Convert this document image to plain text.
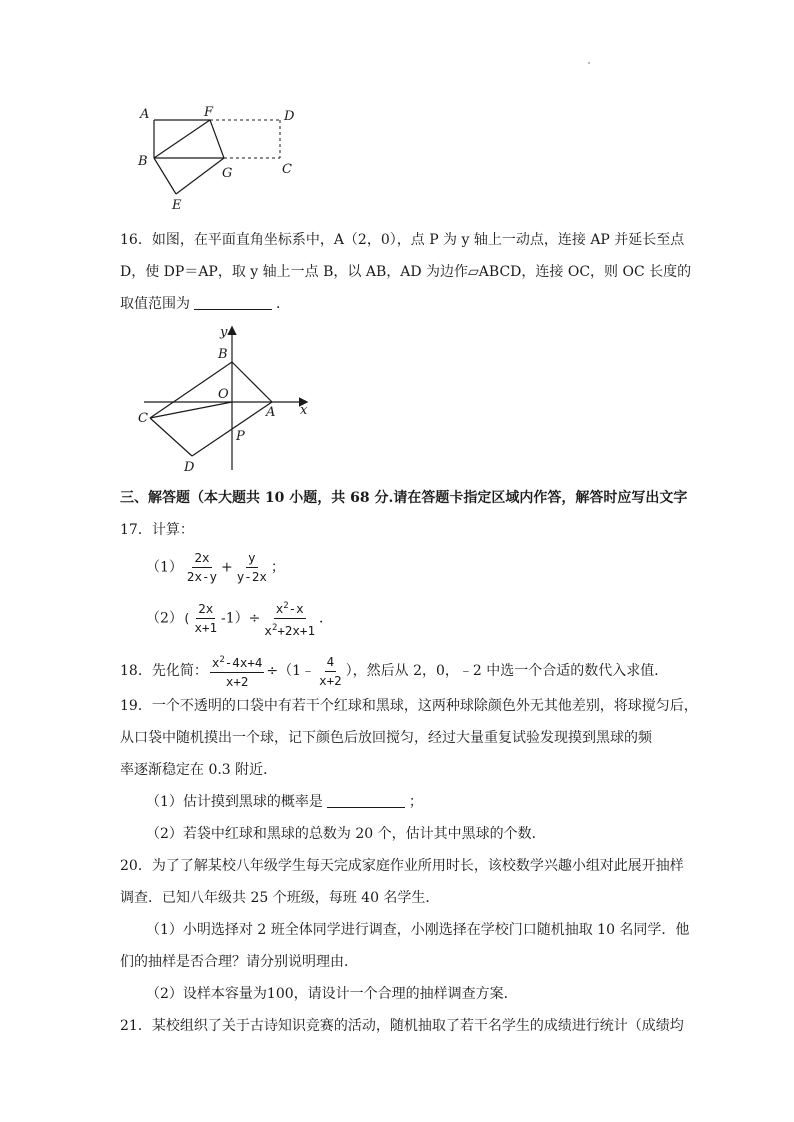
A	F	D
B
G	C
E
16．如图，在平面直角坐标系中，A（2，0），点 P 为 y 轴上一动点，连接 AP 并延长至点
D，使 DP＝AP，取 y 轴上一点 B，以 AB，AD 为边作▱ABCD，连接 OC，则 OC 长度的
取值范围为	．
y
x
B
O
C	A
P
D
三、解答题（本大题共 10 小题，共 68 分.请在答题卡指定区域内作答，解答时应写出文字
17．计算：
$(1) \frac{2x}{2x-y} + \frac{y}{y-2x}$ ；
$(2)( \frac{2x}{x+1} -1)\div \frac{x^2-x}{x^2+2x+1}$ ．
18．先化简： $\frac{x^2-4x+4}{x+2}$ ÷（1﹣ $\frac{4}{x+2}$ ），然后从 2，0，﹣2 中选一个合适的数代入求值．
19．一个不透明的口袋中有若干个红球和黑球，这两种球除颜色外无其他差别，将球搅匀后，
从口袋中随机摸出一个球，记下颜色后放回搅匀，经过大量重复试验发现摸到黑球的频
率逐渐稳定在 0.3 附近．
（1）估计摸到黑球的概率是	；
（2）若袋中红球和黑球的总数为 20 个，估计其中黑球的个数．
20．为了了解某校八年级学生每天完成家庭作业所用时长，该校数学兴趣小组对此展开抽样
调查．已知八年级共 25 个班级，每班 40 名学生．
（1）小明选择对 2 班全体同学进行调查，小刚选择在学校门口随机抽取 10 名同学．他
们的抽样是否合理？请分别说明理由．
（2）设样本容量为100，请设计一个合理的抽样调查方案．
21．某校组织了关于古诗知识竞赛的活动，随机抽取了若干名学生的成绩进行统计（成绩均
